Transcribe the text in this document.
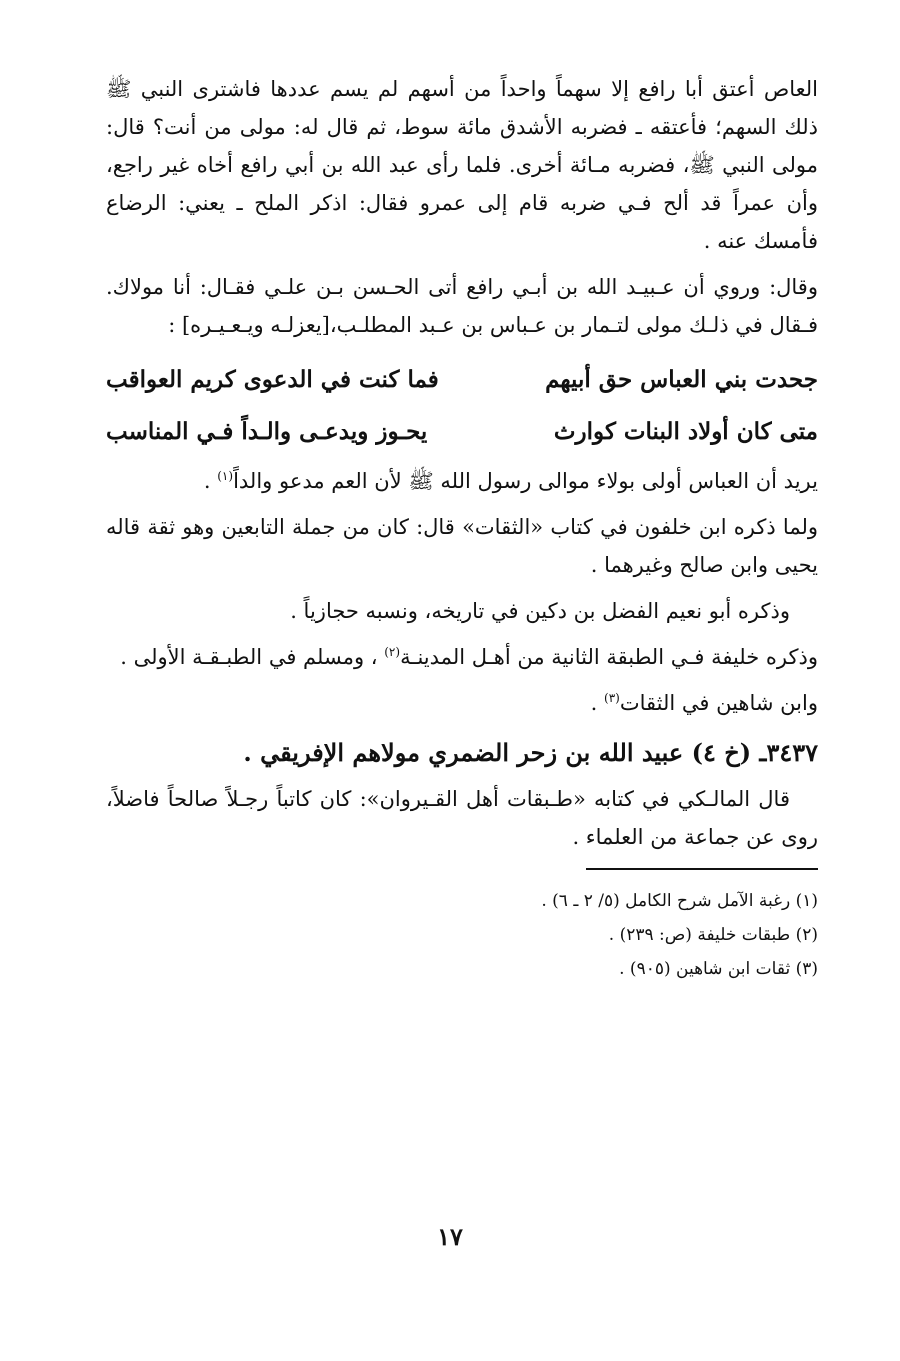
العاص أعتق أبا رافع إلا سهماً واحداً من أسهم لم يسم عددها فاشترى النبي ﷺ ذلك السهم؛ فأعتقه ـ فضربه الأشدق مائة سوط، ثم قال له: مولى من أنت؟ قال: مولى النبي ﷺ، فضربه مـائة أخرى. فلما رأى عبد الله بن أبي رافع أخاه غير راجع، وأن عمراً قد ألح فـي ضربه قام إلى عمرو فقال: اذكر الملح ـ يعني: الرضاع فأمسك عنه .

وقال: وروي أن عـبيـد الله بن أبـي رافع أتى الحـسن بـن علـي فقـال: أنا مولاك. فـقال في ذلـك مولى لتـمار بن عـباس بن عـبد المطلـب،[يعزلـه ويـعـيـره] :

جحدت بني العباس حق أبيهم
فما كنت في الدعوى كريم العواقب
متى كان أولاد البنات كوارث
يحـوز ويدعـى والـداً فـي المناسب

يريد أن العباس أولى بولاء موالى رسول الله ﷺ لأن العم مدعو والداً$^{(١)}$ .

ولما ذكره ابن خلفون في كتاب «الثقات» قال: كان من جملة التابعين وهو ثقة قاله يحيى وابن صالح وغيرهما .

وذكره أبو نعيم الفضل بن دكين في تاريخه، ونسبه حجازياً .

وذكره خليفة فـي الطبقة الثانية من أهـل المدينـة$^{(٢)}$ ، ومسلم في الطبـقـة الأولى .

وابن شاهين في الثقات$^{(٣)}$ .

٣٤٣٧ـ (خ ٤) عبيد الله بن زحر الضمري مولاهم الإفريقي .

قال المالـكي في كتابه «طـبقات أهل القـيروان»: كان كاتباً رجـلاً صالحاً فاضلاً، روى عن جماعة من العلماء .

(١) رغبة الآمل شرح الكامل (٥/ ٢ ـ ٦) .

(٢) طبقات خليفة (ص: ٢٣٩) .

(٣) ثقات ابن شاهين (٩٠٥) .

١٧
